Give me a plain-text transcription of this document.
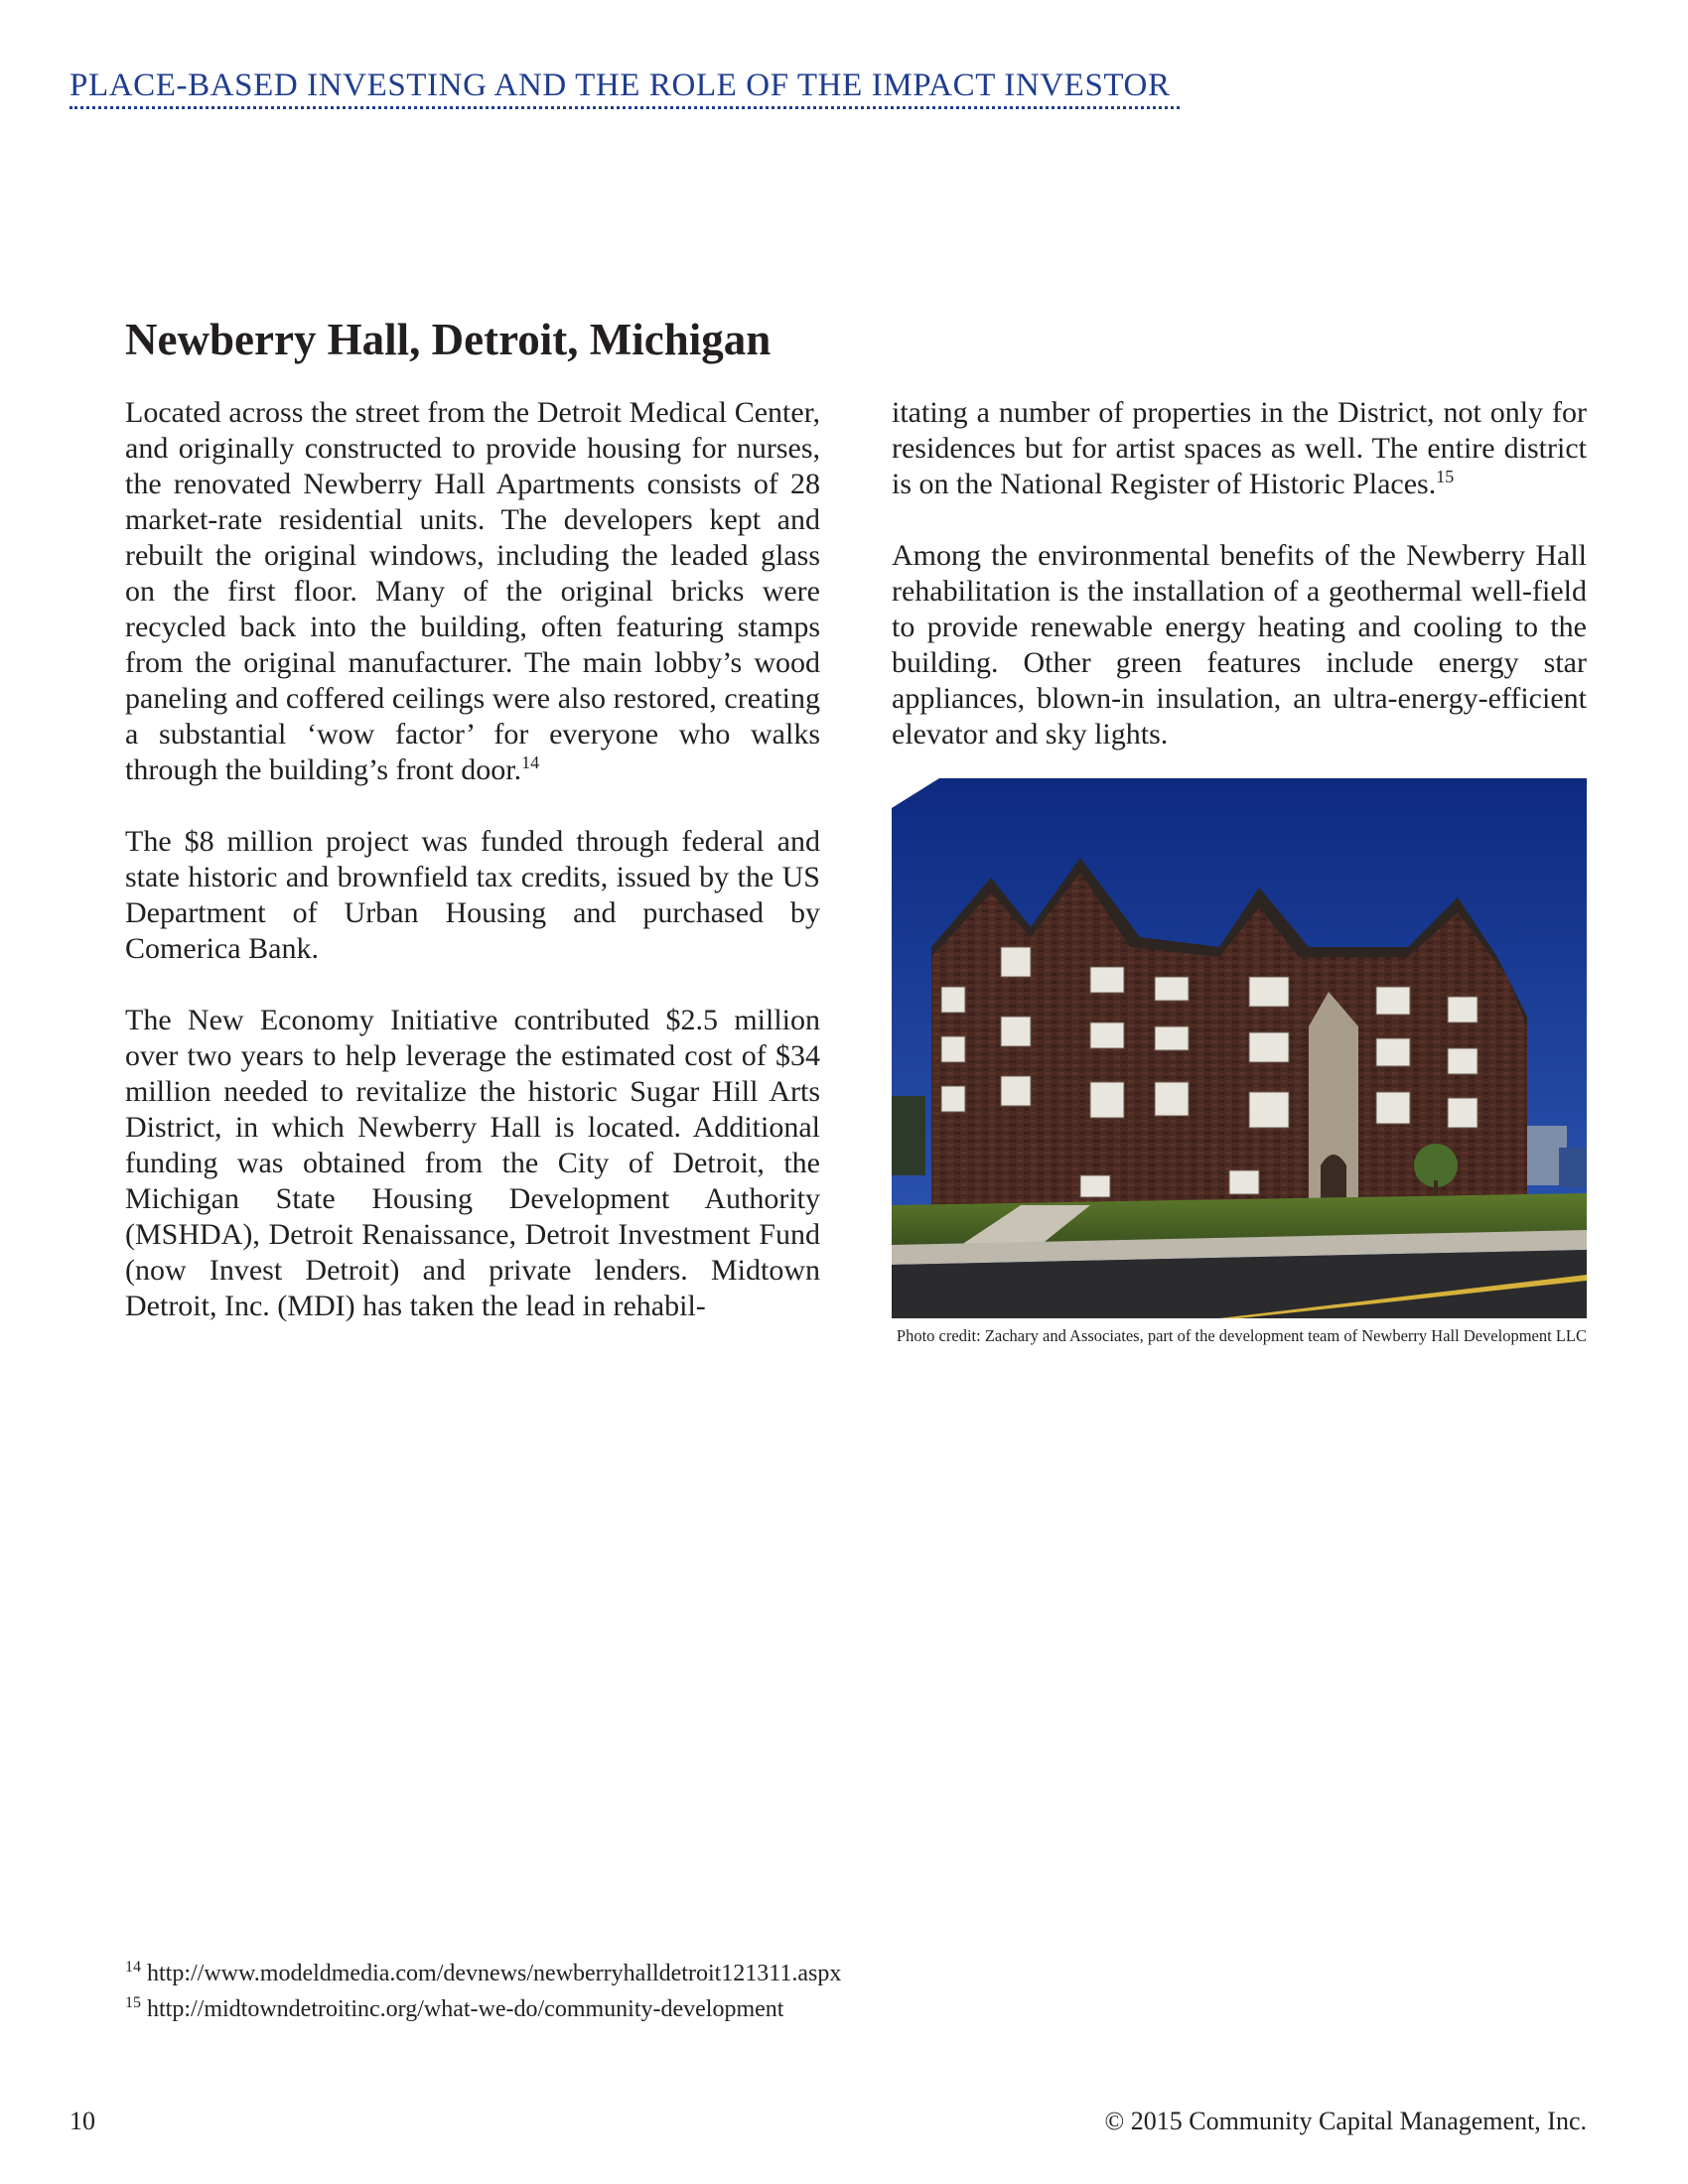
PLACE-BASED INVESTING AND THE ROLE OF THE IMPACT INVESTOR
Newberry Hall, Detroit, Michigan

Located across the street from the Detroit Medical Center, and originally constructed to provide housing for nurses, the renovated Newberry Hall Apartments consists of 28 market-rate residential units. The developers kept and rebuilt the original windows, including the leaded glass on the first floor. Many of the original bricks were recycled back into the building, often featuring stamps from the original manufacturer. The main lobby’s wood paneling and coffered ceilings were also restored, creating a substantial ‘wow factor’ for everyone who walks through the building’s front door.$^{14}$

The $8 million project was funded through federal and state historic and brownfield tax credits, issued by the US Department of Urban Housing and purchased by Comerica Bank.

The New Economy Initiative contributed $2.5 million over two years to help leverage the estimated cost of $34 million needed to revitalize the historic Sugar Hill Arts District, in which Newberry Hall is located. Additional funding was obtained from the City of Detroit, the Michigan State Housing Development Authority (MSHDA), Detroit Renaissance, Detroit Investment Fund (now Invest Detroit) and private lenders. Midtown Detroit, Inc. (MDI) has taken the lead in rehabil-

itating a number of properties in the District, not only for residences but for artist spaces as well. The entire district is on the National Register of Historic Places.$^{15}$

Among the environmental benefits of the Newberry Hall rehabilitation is the installation of a geothermal well-field to provide renewable energy heating and cooling to the building. Other green features include energy star appliances, blown-in insulation, an ultra-energy-efficient elevator and sky lights.

Photo credit: Zachary and Associates, part of the development team of Newberry Hall Development LLC
$^{14}$ http://www.modeldmedia.com/devnews/newberryhalldetroit121311.aspx
$^{15}$ http://midtowndetroitinc.org/what-we-do/community-development
10	© 2015 Community Capital Management, Inc.
